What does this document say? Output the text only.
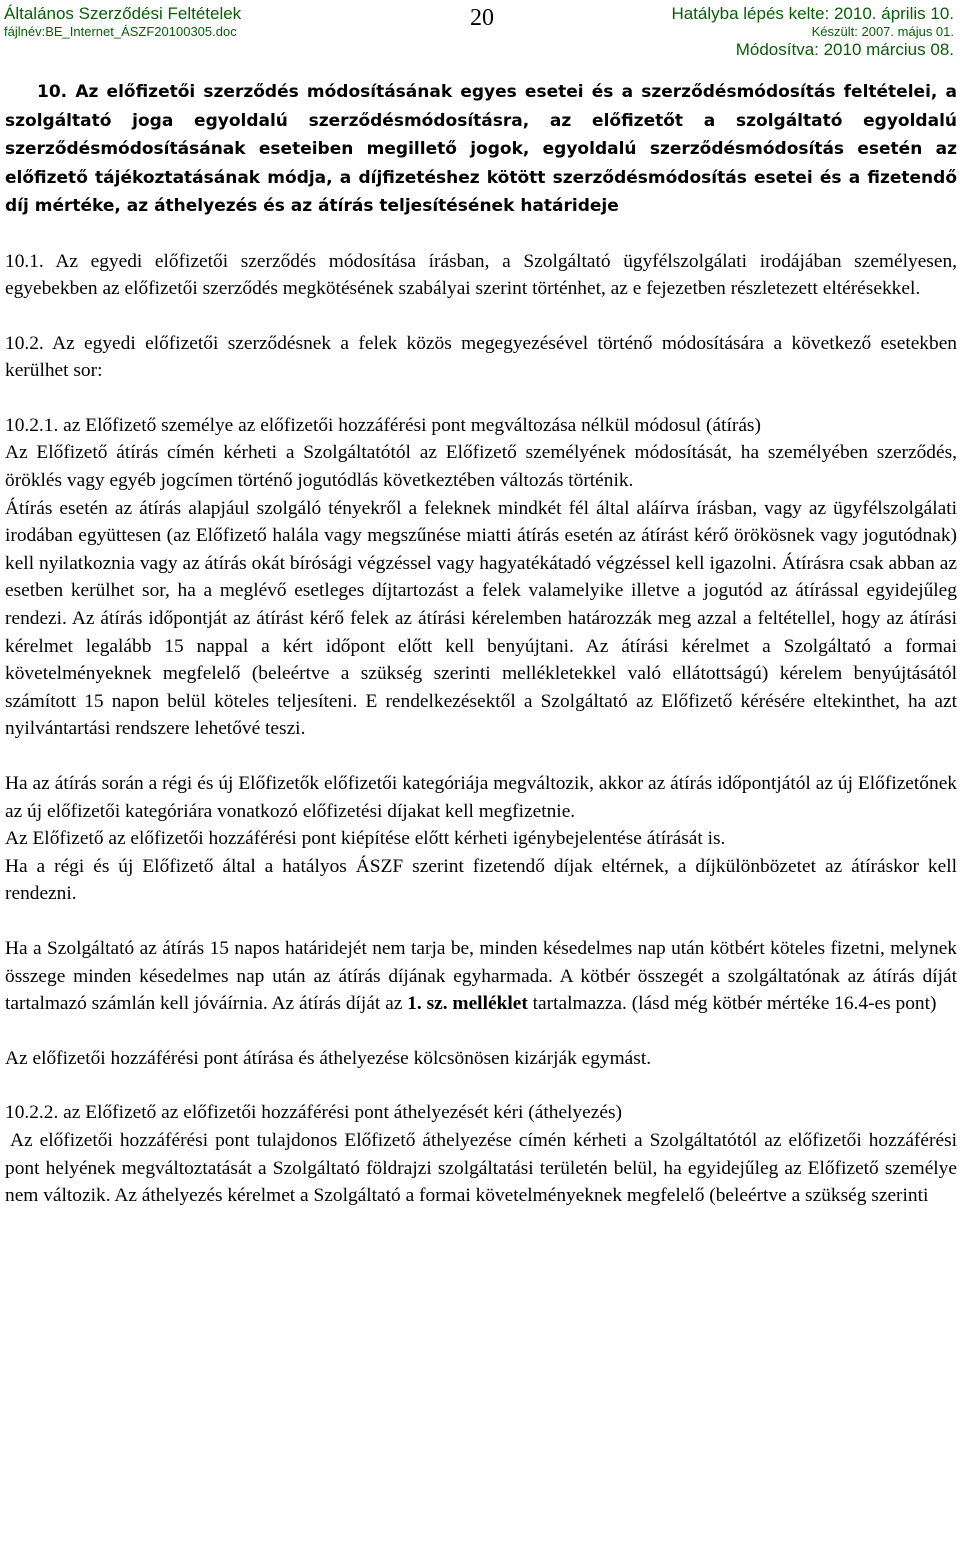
Általános Szerződési Feltételek
fájlnév:BE_Internet_ÁSZF20100305.doc
20	Hatályba lépés kelte: 2010. április 10.
Készült: 2007. május 01.
Módosítva: 2010 március 08.

10. Az előfizetői szerződés módosításának egyes esetei és a szerződésmódosítás feltételei, a szolgáltató joga egyoldalú szerződésmódosításra, az előfizetőt a szolgáltató egyoldalú szerződésmódosításának eseteiben megillető jogok, egyoldalú szerződésmódosítás esetén az előfizető tájékoztatásának módja, a díjfizetéshez kötött szerződésmódosítás esetei és a fizetendő díj mértéke, az áthelyezés és az átírás teljesítésének határideje

10.1. Az egyedi előfizetői szerződés módosítása írásban, a Szolgáltató ügyfélszolgálati irodájában személyesen, egyebekben az előfizetői szerződés megkötésének szabályai szerint történhet, az e fejezetben részletezett eltérésekkel.

10.2. Az egyedi előfizetői szerződésnek a felek közös megegyezésével történő módosítására a következő esetekben kerülhet sor:

10.2.1. az Előfizető személye az előfizetői hozzáférési pont megváltozása nélkül módosul (átírás)

Az Előfizető átírás címén kérheti a Szolgáltatótól az Előfizető személyének módosítását, ha személyében szerződés, öröklés vagy egyéb jogcímen történő jogutódlás következtében változás történik.

Átírás esetén az átírás alapjául szolgáló tényekről a feleknek mindkét fél által aláírva írásban, vagy az ügyfélszolgálati irodában együttesen (az Előfizető halála vagy megszűnése miatti átírás esetén az átírást kérő örökösnek vagy jogutódnak) kell nyilatkoznia vagy az átírás okát bírósági végzéssel vagy hagyatékátadó végzéssel kell igazolni. Átírásra csak abban az esetben kerülhet sor, ha a meglévő esetleges díjtartozást a felek valamelyike illetve a jogutód az átírással egyidejűleg rendezi. Az átírás időpontját az átírást kérő felek az átírási kérelemben határozzák meg azzal a feltétellel, hogy az átírási kérelmet legalább 15 nappal a kért időpont előtt kell benyújtani. Az átírási kérelmet a Szolgáltató a formai követelményeknek megfelelő (beleértve a szükség szerinti mellékletekkel való ellátottságú) kérelem benyújtásától számított 15 napon belül köteles teljesíteni. E rendelkezésektől a Szolgáltató az Előfizető kérésére eltekinthet, ha azt nyilvántartási rendszere lehetővé teszi.

Ha az átírás során a régi és új Előfizetők előfizetői kategóriája megváltozik, akkor az átírás időpontjától az új Előfizetőnek az új előfizetői kategóriára vonatkozó előfizetési díjakat kell megfizetnie.

Az Előfizető az előfizetői hozzáférési pont kiépítése előtt kérheti igénybejelentése átírását is.

Ha a régi és új Előfizető által a hatályos ÁSZF szerint fizetendő díjak eltérnek, a díjkülönbözetet az átíráskor kell rendezni.

Ha a Szolgáltató az átírás 15 napos határidejét nem tarja be, minden késedelmes nap után kötbért köteles fizetni, melynek összege minden késedelmes nap után az átírás díjának egyharmada. A kötbér összegét a szolgáltatónak az átírás díját tartalmazó számlán kell jóváírnia. Az átírás díját az 1. sz. melléklet tartalmazza. (lásd még kötbér mértéke 16.4-es pont)

Az előfizetői hozzáférési pont átírása és áthelyezése kölcsönösen kizárják egymást.

10.2.2. az Előfizető az előfizetői hozzáférési pont áthelyezését kéri (áthelyezés)

Az előfizetői hozzáférési pont tulajdonos Előfizető áthelyezése címén kérheti a Szolgáltatótól az előfizetői hozzáférési pont helyének megváltoztatását a Szolgáltató földrajzi szolgáltatási területén belül, ha egyidejűleg az Előfizető személye nem változik. Az áthelyezés kérelmet a Szolgáltató a formai követelményeknek megfelelő (beleértve a szükség szerinti
